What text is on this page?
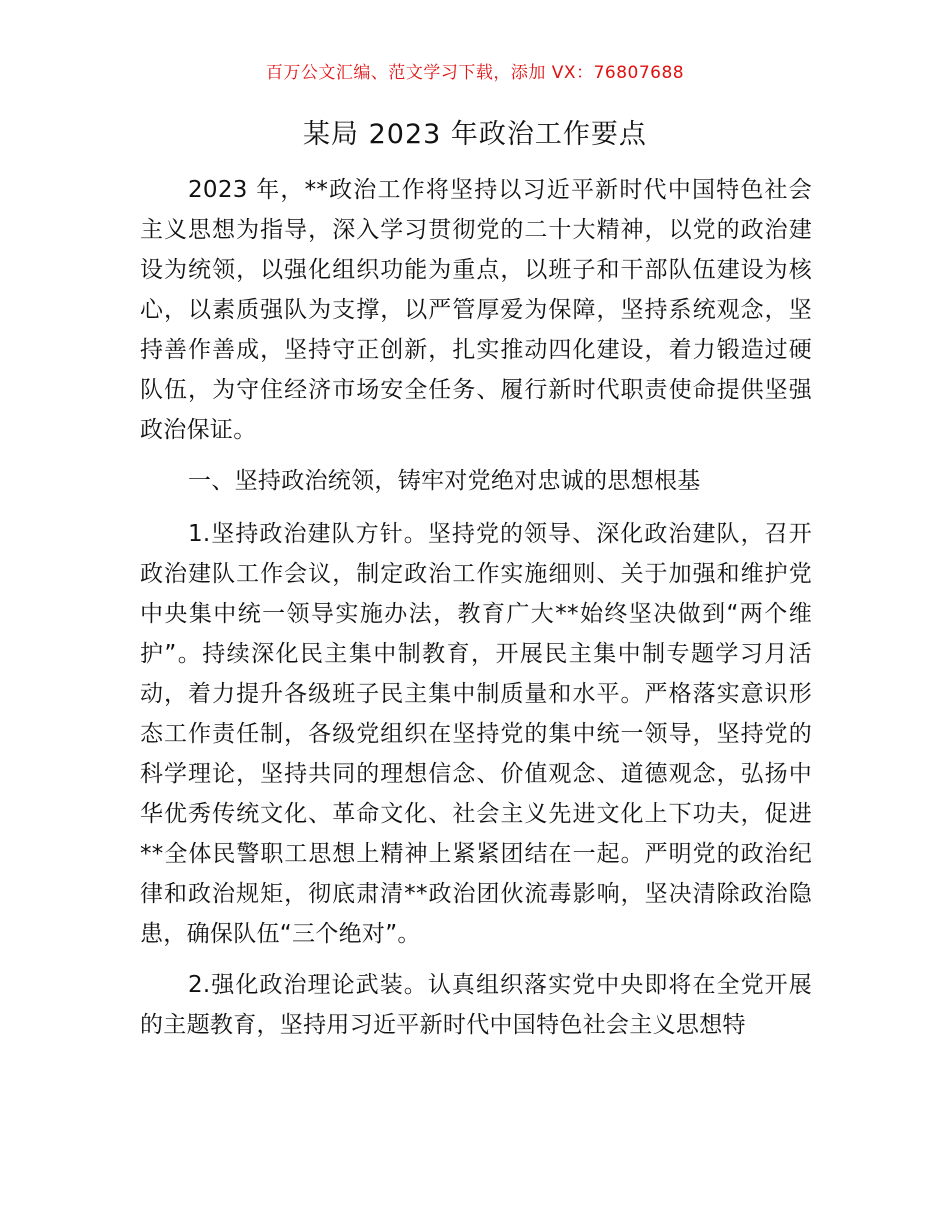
百万公文汇编、范文学习下载，添加 VX：76807688
某局 2023 年政治工作要点

2023 年，**政治工作将坚持以习近平新时代中国特色社会主义思想为指导，深入学习贯彻党的二十大精神，以党的政治建设为统领，以强化组织功能为重点，以班子和干部队伍建设为核心，以素质强队为支撑，以严管厚爱为保障，坚持系统观念，坚持善作善成，坚持守正创新，扎实推动四化建设，着力锻造过硬队伍，为守住经济市场安全任务、履行新时代职责使命提供坚强政治保证。

一、坚持政治统领，铸牢对党绝对忠诚的思想根基

1.坚持政治建队方针。坚持党的领导、深化政治建队，召开政治建队工作会议，制定政治工作实施细则、关于加强和维护党中央集中统一领导实施办法，教育广大**始终坚决做到“两个维护”。持续深化民主集中制教育，开展民主集中制专题学习月活动，着力提升各级班子民主集中制质量和水平。严格落实意识形态工作责任制，各级党组织在坚持党的集中统一领导，坚持党的科学理论，坚持共同的理想信念、价值观念、道德观念，弘扬中华优秀传统文化、革命文化、社会主义先进文化上下功夫，促进**全体民警职工思想上精神上紧紧团结在一起。严明党的政治纪律和政治规矩，彻底肃清**政治团伙流毒影响，坚决清除政治隐患，确保队伍“三个绝对”。

2.强化政治理论武装。认真组织落实党中央即将在全党开展的主题教育，坚持用习近平新时代中国特色社会主义思想特
